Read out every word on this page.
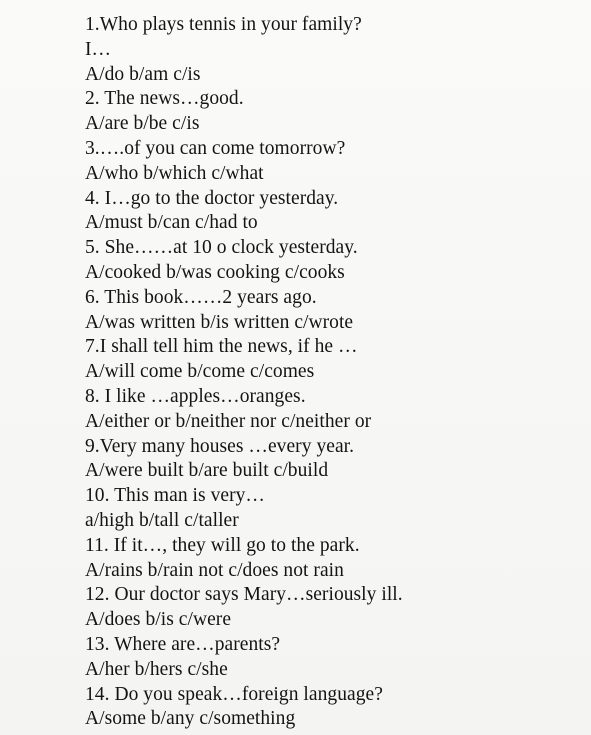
1.Who plays tennis in your family?
I…
A/do b/am c/is
2. The news…good.
A/are b/be c/is
3.….of you can come tomorrow?
A/who b/which c/what
4. I…go to the doctor yesterday.
A/must b/can c/had to
5. She……at 10 o clock yesterday.
A/cooked b/was cooking c/cooks
6. This book……2 years ago.
A/was written b/is written c/wrote
7.I shall tell him the news, if he …
A/will come b/come c/comes
8. I like …apples…oranges.
A/either or b/neither nor c/neither or
9.Very many houses …every year.
A/were built b/are built c/build
10. This man is very…
a/high b/tall c/taller
11. If it…, they will go to the park.
A/rains b/rain not c/does not rain
12. Our doctor says Mary…seriously ill.
A/does b/is c/were
13. Where are…parents?
A/her b/hers c/she
14. Do you speak…foreign language?
A/some b/any c/something
